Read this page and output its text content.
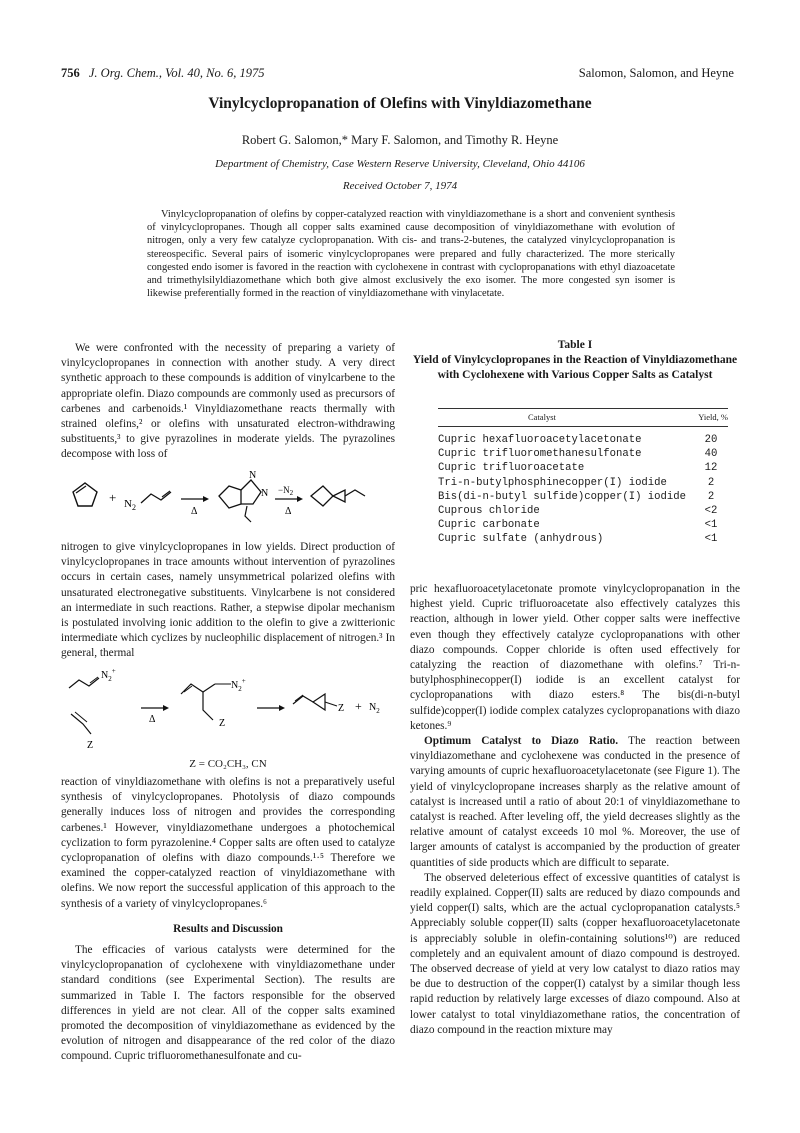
756 J. Org. Chem., Vol. 40, No. 6, 1975	Salomon, Salomon, and Heyne
Vinylcyclopropanation of Olefins with Vinyldiazomethane
Robert G. Salomon,* Mary F. Salomon, and Timothy R. Heyne
Department of Chemistry, Case Western Reserve University, Cleveland, Ohio 44106
Received October 7, 1974

Vinylcyclopropanation of olefins by copper-catalyzed reaction with vinyldiazomethane is a short and convenient synthesis of vinylcyclopropanes. Though all copper salts examined cause decomposition of vinyldiazomethane with evolution of nitrogen, only a very few catalyze cyclopropanation. With cis- and trans-2-butenes, the catalyzed vinylcyclopropanation is stereospecific. Several pairs of isomeric vinylcyclopropanes were prepared and fully characterized. The more sterically congested endo isomer is favored in the reaction with cyclohexene in contrast with cyclopropanations with ethyl diazoacetate and trimethylsilyldiazomethane which both give almost exclusively the exo isomer. The more congested syn isomer is likewise preferentially formed in the reaction of vinyldiazomethane with vinylacetate.

We were confronted with the necessity of preparing a variety of vinylcyclopropanes in connection with another study. A very direct synthetic approach to these compounds is addition of vinylcarbene to the appropriate olefin. Diazo compounds are commonly used as precursors of carbenes and carbenoids.¹ Vinyldiazomethane reacts thermally with strained olefins,² or olefins with unsaturated electron-withdrawing substituents,³ to give pyrazolines in moderate yields. The pyrazolines decompose with loss of

+ $N_2$	Δ
N
$N -N_2$
Δ

nitrogen to give vinylcyclopropanes in low yields. Direct production of vinylcyclopropanes in trace amounts without intervention of pyrazolines occurs in certain cases, namely unsymmetrical polarized olefins with unsaturated electronegative substituents. Vinylcarbene is not considered an intermediate in such reactions. Rather, a stepwise dipolar mechanism is postulated involving ionic addition to the olefin to give a zwitterionic intermediate which cyclizes by nucleophilic displacement of nitrogen.³ In general, thermal

$N_2^+$
Z
Δ
$N_2^+$
Z
$Z + N_2$
Z = CO₂CH₃, CN

reaction of vinyldiazomethane with olefins is not a preparatively useful synthesis of vinylcyclopropanes. Photolysis of diazo compounds generally induces loss of nitrogen and provides the corresponding carbenes.¹ However, vinyldiazomethane undergoes a photochemical cyclization to form pyrazolenine.⁴ Copper salts are often used to catalyze cyclopropanation of olefins with diazo compounds.¹·⁵ Therefore we examined the copper-catalyzed reaction of vinyldiazomethane with olefins. We now report the successful application of this approach to the synthesis of a variety of vinylcyclopropanes.⁶

Results and Discussion

The efficacies of various catalysts were determined for the vinylcyclopropanation of cyclohexene with vinyldiazomethane under standard conditions (see Experimental Section). The results are summarized in Table I. The factors responsible for the observed differences in yield are not clear. All of the copper salts examined promoted the decomposition of vinyldiazomethane as evidenced by the evolution of nitrogen and disappearance of the red color of the diazo compound. Cupric trifluoromethanesulfonate and cu-

Table I
Yield of Vinylcyclopropanes in the Reaction of Vinyldiazomethane with Cyclohexene with Various Copper Salts as Catalyst
Catalyst	Yield, %
Cupric hexafluoroacetylacetonate	20
Cupric trifluoromethanesulfonate	40
Cupric trifluoroacetate	12
Tri-n-butylphosphinecopper(I) iodide	2
Bis(di-n-butyl sulfide)copper(I) iodide	2
Cuprous chloride	<2
Cupric carbonate	<1
Cupric sulfate (anhydrous)	<1

pric hexafluoroacetylacetonate promote vinylcyclopropanation in the highest yield. Cupric trifluoroacetate also effectively catalyzes this reaction, although in lower yield. Other copper salts were ineffective even though they effectively catalyze cyclopropanations with other diazo compounds. Copper chloride is often used effectively for catalyzing the reaction of diazomethane with olefins.⁷ Tri-n-butylphosphinecopper(I) iodide is an excellent catalyst for cyclopropanations with diazo esters.⁸ The bis(di-n-butyl sulfide)copper(I) iodide complex catalyzes cyclopropanations with diazo ketones.⁹

Optimum Catalyst to Diazo Ratio. The reaction between vinyldiazomethane and cyclohexene was conducted in the presence of varying amounts of cupric hexafluoroacetylacetonate (see Figure 1). The yield of vinylcyclopropane increases sharply as the relative amount of catalyst is increased until a ratio of about 20:1 of vinyldiazomethane to catalyst is reached. After leveling off, the yield decreases slightly as the relative amount of catalyst exceeds 10 mol %. Moreover, the use of larger amounts of catalyst is accompanied by the production of greater quantities of side products which are difficult to separate.

The observed deleterious effect of excessive quantities of catalyst is readily explained. Copper(II) salts are reduced by diazo compounds and yield copper(I) salts, which are the actual cyclopropanation catalysts.⁵ Appreciably soluble copper(II) salts (copper hexafluoroacetylacetonate is appreciably soluble in olefin-containing solutions¹⁰) are reduced completely and an equivalent amount of diazo compound is destroyed. The observed decrease of yield at very low catalyst to diazo ratios may be due to destruction of the copper(I) catalyst by a similar though less rapid reduction by relatively large excesses of diazo compound. Also at lower catalyst to total vinyldiazomethane ratios, the concentration of diazo compound in the reaction mixture may
